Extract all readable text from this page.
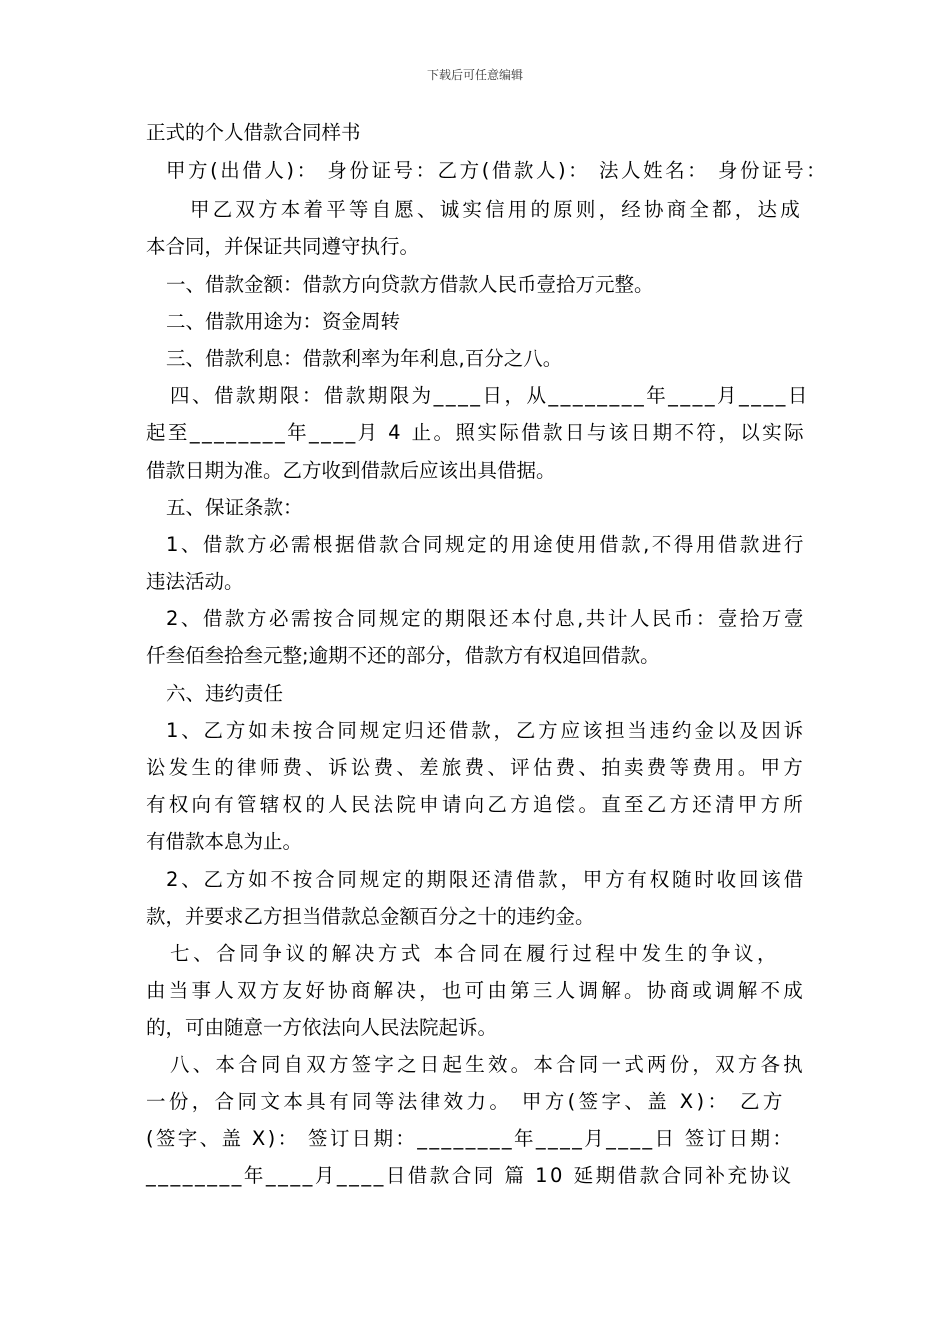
下载后可任意编辑
正式的个人借款合同样书
甲方(出借人)： 身份证号：乙方(借款人)： 法人姓名： 身份证号：
甲乙双方本着平等自愿、诚实信用的原则，经协商全都，达成
本合同，并保证共同遵守执行。
一、借款金额：借款方向贷款方借款人民币壹拾万元整。
二、借款用途为：资金周转
三、借款利息：借款利率为年利息,百分之八。
四、借款期限：借款期限为____日，从________年____月____日
起至________年____月 4 止。照实际借款日与该日期不符，以实际
借款日期为准。乙方收到借款后应该出具借据。
五、保证条款：
1、借款方必需根据借款合同规定的用途使用借款,不得用借款进行
违法活动。
2、借款方必需按合同规定的期限还本付息,共计人民币：壹拾万壹
仟叁佰叁拾叁元整;逾期不还的部分，借款方有权追回借款。
六、违约责任
1、乙方如未按合同规定归还借款，乙方应该担当违约金以及因诉
讼发生的律师费、诉讼费、差旅费、评估费、拍卖费等费用。甲方
有权向有管辖权的人民法院申请向乙方追偿。直至乙方还清甲方所
有借款本息为止。
2、乙方如不按合同规定的期限还清借款，甲方有权随时收回该借
款，并要求乙方担当借款总金额百分之十的违约金。
七、合同争议的解决方式 本合同在履行过程中发生的争议，
由当事人双方友好协商解决，也可由第三人调解。协商或调解不成
的，可由随意一方依法向人民法院起诉。
八、本合同自双方签字之日起生效。本合同一式两份，双方各执
一份，合同文本具有同等法律效力。 甲方(签字、盖 X)： 乙方
(签字、盖 X)： 签订日期：________年____月____日 签订日期：
________年____月____日借款合同 篇 10 延期借款合同补充协议
